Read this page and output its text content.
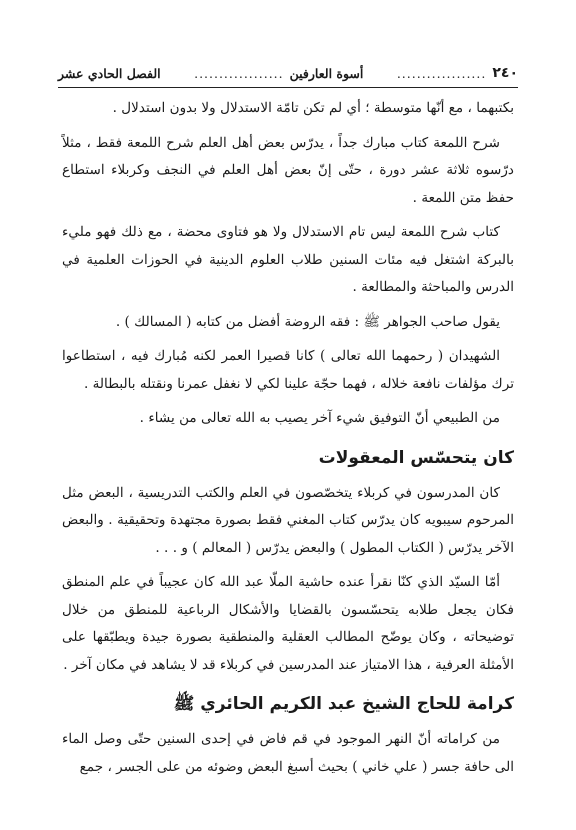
٢٤٠
..................
أسوة العارفين
..................
الفصل الحادي عشر

بكتبهما ، مع أنّها متوسطة ؛ أي لم تكن تامّة الاستدلال ولا بدون استدلال .

شرح اللمعة كتاب مبارك جداً ، يدرّس بعض أهل العلم شرح اللمعة فقط ، مثلاً درّسوه ثلاثة عشر دورة ، حتّى إنّ بعض أهل العلم في النجف وكربلاء استطاع حفظ متن اللمعة .

كتاب شرح اللمعة ليس تام الاستدلال ولا هو فتاوى محضة ، مع ذلك فهو مليء بالبركة اشتغل فيه مئات السنين طلاب العلوم الدينية في الحوزات العلمية في الدرس والمباحثة والمطالعة .

يقول صاحب الجواهر ﷺ : فقه الروضة أفضل من كتابه ( المسالك ) .

الشهيدان ( رحمهما الله تعالى ) كانا قصيرا العمر لكنه مُبارك فيه ، استطاعوا ترك مؤلفات نافعة خلاله ، فهما حجّة علينا لكي لا نغفل عمرنا ونقتله بالبطالة .

من الطبيعي أنّ التوفيق شيء آخر يصيب به الله تعالى من يشاء .

كان يتحسّس المعقولات

كان المدرسون في كربلاء يتخصّصون في العلم والكتب التدريسية ، البعض مثل المرحوم سيبويه كان يدرّس كتاب المغني فقط بصورة مجتهدة وتحقيقية . والبعض الآخر يدرّس ( الكتاب المطول ) والبعض يدرّس ( المعالم ) و . . .

أمّا السيّد الذي كنّا نقرأ عنده حاشية الملّا عبد الله كان عجيباً في علم المنطق فكان يجعل طلابه يتحسّسون بالقضايا والأشكال الرباعية للمنطق من خلال توضيحاته ، وكان يوضّح المطالب العقلية والمنطقية بصورة جيدة ويطبّقها على الأمثلة العرفية ، هذا الامتياز عند المدرسين في كربلاء قد لا يشاهد في مكان آخر .

كرامة للحاج الشيخ عبد الكريم الحائري ﷺ

من كراماته أنّ النهر الموجود في قم فاض في إحدى السنين حتّى وصل الماء الى حافة جسر ( علي خاني ) بحيث أسبغ البعض وضوئه من على الجسر ، جمع
